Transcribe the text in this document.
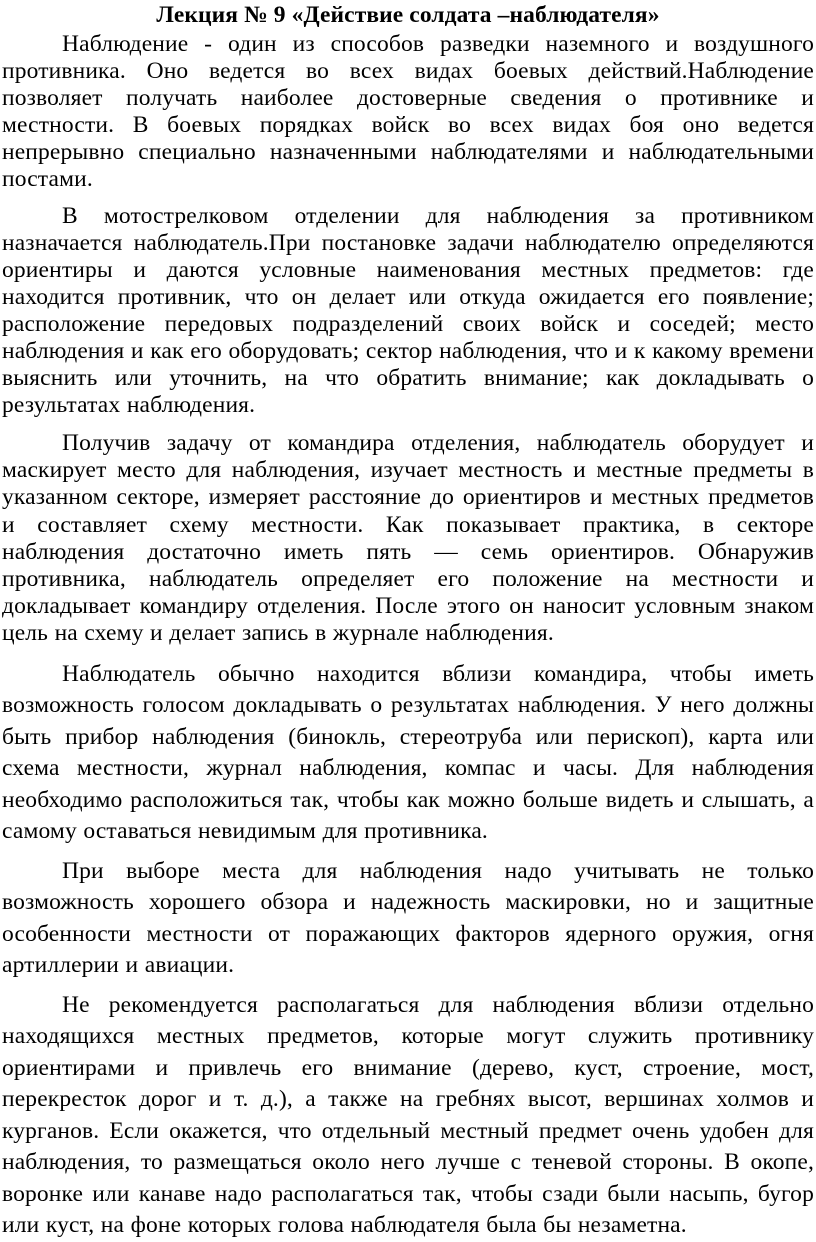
Лекция № 9 «Действие солдата –наблюдателя»

Наблюдение - один из способов разведки наземного и воздушного противника. Оно ведется во всех видах боевых действий.Наблюдение позволяет получать наиболее достоверные сведения о противнике и местности. В боевых порядках войск во всех видах боя оно ведется непрерывно специально назначенными наблюдателями и наблюдательными постами.

В мотострелковом отделении для наблюдения за противником назначается наблюдатель.При постановке задачи наблюдателю определяются ориентиры и даются условные наименования местных предметов: где находится противник, что он делает или откуда ожидается его появление; расположение передовых подразделений своих войск и соседей; место наблюдения и как его оборудовать; сектор наблюдения, что и к какому времени выяснить или уточнить, на что обратить внимание; как докладывать о результатах наблюдения.

Получив задачу от командира отделения, наблюдатель оборудует и маскирует место для наблюдения, изучает местность и местные предметы в указанном секторе, измеряет расстояние до ориентиров и местных предметов и составляет схему местности. Как показывает практика, в секторе наблюдения достаточно иметь пять — семь ориентиров. Обнаружив противника, наблюдатель определяет его положение на местности и докладывает командиру отделения. После этого он наносит условным знаком цель на схему и делает запись в журнале наблюдения.

Наблюдатель обычно находится вблизи командира, чтобы иметь возможность голосом докладывать о результатах наблюдения. У него должны быть прибор наблюдения (бинокль, стереотруба или перископ), карта или схема местности, журнал наблюдения, компас и часы. Для наблюдения необходимо расположиться так, чтобы как можно больше видеть и слышать, а самому оставаться невидимым для противника.

При выборе места для наблюдения надо учитывать не только возможность хорошего обзора и надежность маскировки, но и защитные особенности местности от поражающих факторов ядерного оружия, огня артиллерии и авиации.

Не рекомендуется располагаться для наблюдения вблизи отдельно находящихся местных предметов, которые могут служить противнику ориентирами и привлечь его внимание (дерево, куст, строение, мост, перекресток дорог и т. д.), а также на гребнях высот, вершинах холмов и курганов. Если окажется, что отдельный местный предмет очень удобен для наблюдения, то размещаться около него лучше с теневой стороны. В окопе, воронке или канаве надо располагаться так, чтобы сзади были насыпь, бугор или куст, на фоне которых голова наблюдателя была бы незаметна.
